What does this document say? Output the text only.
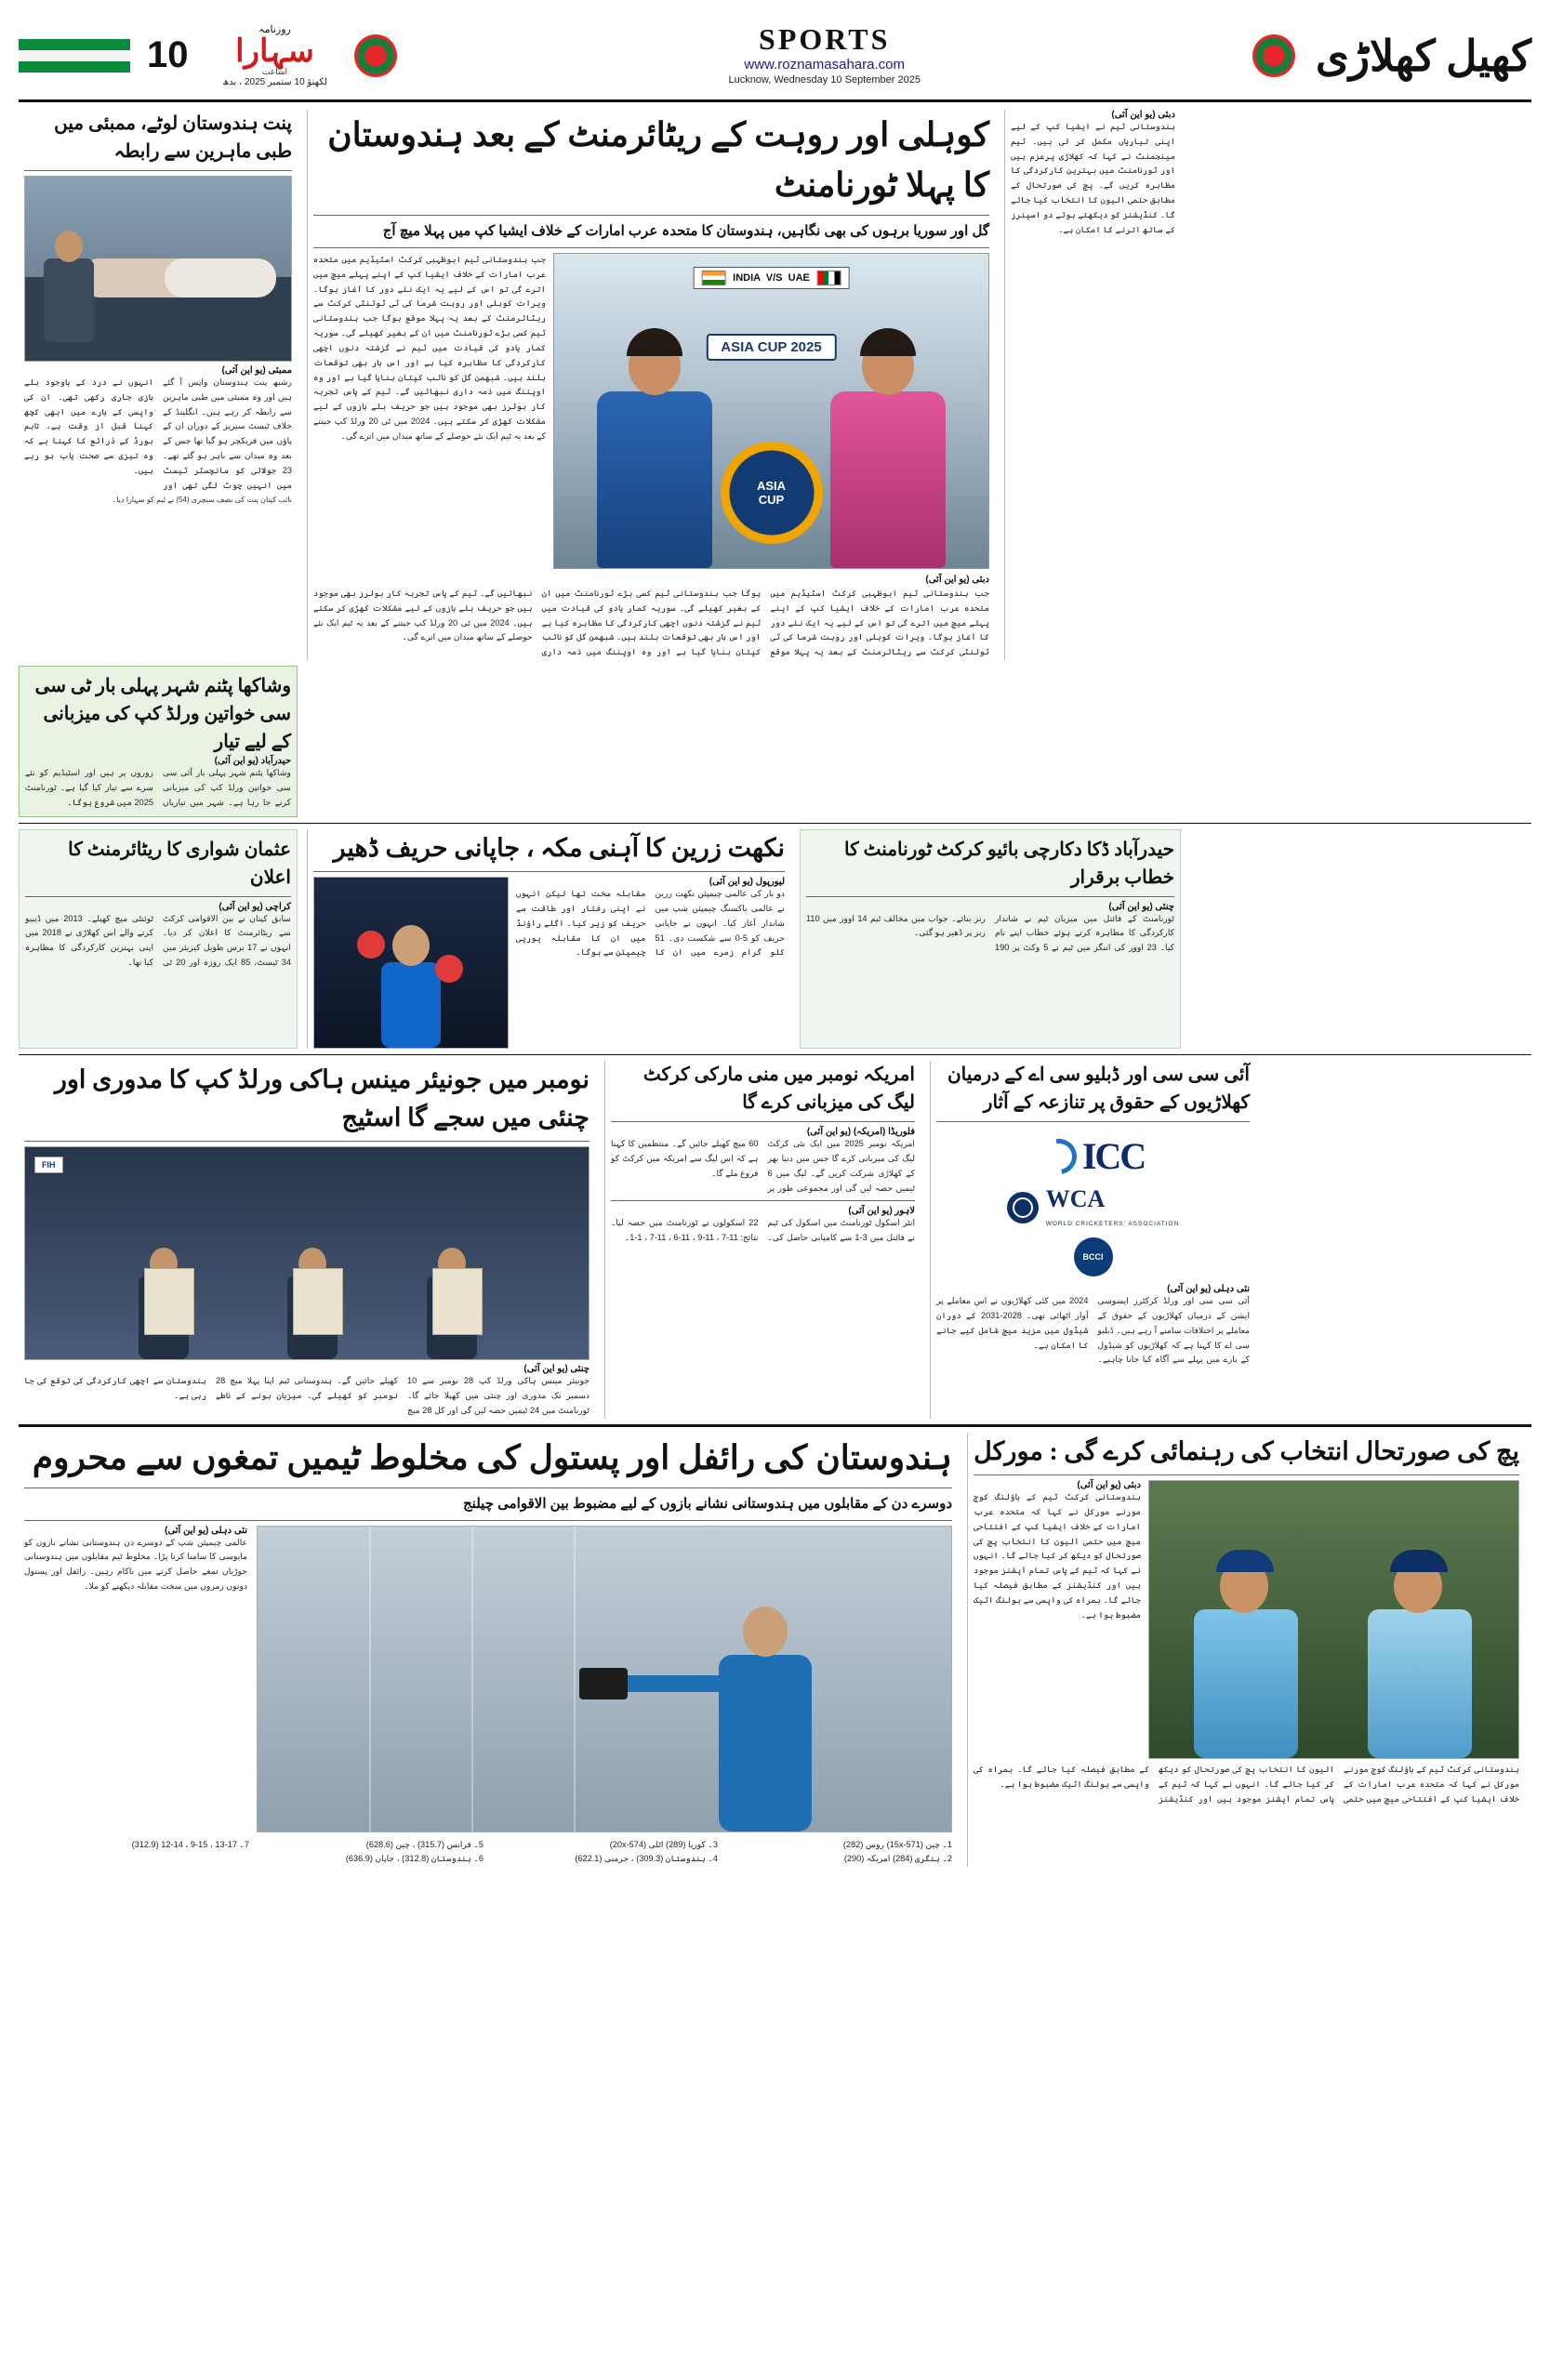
10
روزنامہ
سہارا
اشاعت
لکھنؤ 10 ستمبر 2025 ، بدھ
SPORTS
www.roznamasahara.com
Lucknow, Wednesday 10 September 2025
کھیل کھلاڑی
پنت ہندوستان لوٹے، ممبئی میں طبی ماہرین سے رابطہ
ممبئی (یو این آئی)
رشبھ پنت ہندوستان واپس آ گئے ہیں اور وہ ممبئی میں طبی ماہرین سے رابطہ کر رہے ہیں۔ انگلینڈ کے خلاف ٹیسٹ سیریز کے دوران ان کے پاؤں میں فریکچر ہو گیا تھا جس کے بعد وہ میدان سے باہر ہو گئے تھے۔ 23 جولائی کو مانچسٹر ٹیسٹ میں انہیں چوٹ لگی تھی اور انہوں نے درد کے باوجود بلے بازی جاری رکھی تھی۔ ان کی واپسی کے بارے میں ابھی کچھ کہنا قبل از وقت ہے، تاہم بورڈ کے ذرائع کا کہنا ہے کہ وہ تیزی سے صحت یاب ہو رہے ہیں۔
نائب کپتان پنت کی نصف سنچری (54) نے ٹیم کو سہارا دیا۔
کوہلی اور روہت کے ریٹائرمنٹ کے بعد ہندوستان کا پہلا ٹورنامنٹ
گل اور سوریا برہوں کی بھی نگاہیں، ہندوستان کا متحدہ عرب امارات کے خلاف ایشیا کپ میں پہلا میچ آج
جب ہندوستانی ٹیم ابوظہبی کرکٹ اسٹیڈیم میں متحدہ عرب امارات کے خلاف ایشیا کپ کے اپنے پہلے میچ میں اترے گی تو اس کے لیے یہ ایک نئے دور کا آغاز ہوگا۔ ویرات کوہلی اور روہت شرما کی ٹی ٹوئنٹی کرکٹ سے ریٹائرمنٹ کے بعد یہ پہلا موقع ہوگا جب ہندوستانی ٹیم کسی بڑے ٹورنامنٹ میں ان کے بغیر کھیلے گی۔ سوریہ کمار یادو کی قیادت میں ٹیم نے گزشتہ دنوں اچھی کارکردگی کا مظاہرہ کیا ہے اور اس بار بھی توقعات بلند ہیں۔ شبھمن گل کو نائب کپتان بنایا گیا ہے اور وہ اوپننگ میں ذمہ داری نبھائیں گے۔ ٹیم کے پاس تجربہ کار بولرز بھی موجود ہیں جو حریف بلے بازوں کے لیے مشکلات کھڑی کر سکتے ہیں۔ 2024 میں ٹی 20 ورلڈ کپ جیتنے کے بعد یہ ٹیم ایک نئے حوصلے کے ساتھ میدان میں اترے گی۔
INDIA  V/S  UAE
ASIA CUP 2025
ASIA
CUP
دبئی (یو این آئی)
جب ہندوستانی ٹیم ابوظہبی کرکٹ اسٹیڈیم میں متحدہ عرب امارات کے خلاف ایشیا کپ کے اپنے پہلے میچ میں اترے گی تو اس کے لیے یہ ایک نئے دور کا آغاز ہوگا۔ ویرات کوہلی اور روہت شرما کی ٹی ٹوئنٹی کرکٹ سے ریٹائرمنٹ کے بعد یہ پہلا موقع ہوگا جب ہندوستانی ٹیم کسی بڑے ٹورنامنٹ میں ان کے بغیر کھیلے گی۔ سوریہ کمار یادو کی قیادت میں ٹیم نے گزشتہ دنوں اچھی کارکردگی کا مظاہرہ کیا ہے اور اس بار بھی توقعات بلند ہیں۔ شبھمن گل کو نائب کپتان بنایا گیا ہے اور وہ اوپننگ میں ذمہ داری نبھائیں گے۔ ٹیم کے پاس تجربہ کار بولرز بھی موجود ہیں جو حریف بلے بازوں کے لیے مشکلات کھڑی کر سکتے ہیں۔ 2024 میں ٹی 20 ورلڈ کپ جیتنے کے بعد یہ ٹیم ایک نئے حوصلے کے ساتھ میدان میں اترے گی۔
دبئی (یو این آئی)
ہندوستانی ٹیم نے ایشیا کپ کے لیے اپنی تیاریاں مکمل کر لی ہیں۔ ٹیم مینجمنٹ نے کہا کہ کھلاڑی پرعزم ہیں اور ٹورنامنٹ میں بہترین کارکردگی کا مظاہرہ کریں گے۔ پچ کی صورتحال کے مطابق حتمی الیون کا انتخاب کیا جائے گا۔ کنڈیشنز کو دیکھتے ہوئے دو اسپنرز کے ساتھ اترنے کا امکان ہے۔
وشاکھا پٹنم شہر پہلی بار ٹی سی سی خواتین ورلڈ کپ کی میزبانی کے لیے تیار
حیدرآباد (یو این آئی)
وشاکھا پٹنم شہر پہلی بار آئی سی سی خواتین ورلڈ کپ کی میزبانی کرنے جا رہا ہے۔ شہر میں تیاریاں زوروں پر ہیں اور اسٹیڈیم کو نئے سرے سے تیار کیا گیا ہے۔ ٹورنامنٹ 2025 میں شروع ہوگا۔
عثمان شواری کا ریٹائرمنٹ کا اعلان
کراچی (یو این آئی)
سابق کپتان نے بین الاقوامی کرکٹ سے ریٹائرمنٹ کا اعلان کر دیا۔ انہوں نے 17 برس طویل کیریئر میں 34 ٹیسٹ، 85 ایک روزہ اور 20 ٹی ٹوئنٹی میچ کھیلے۔ 2013 میں ڈیبیو کرنے والے اس کھلاڑی نے 2018 میں اپنی بہترین کارکردگی کا مظاہرہ کیا تھا۔
نکھت زرین کا آہنی مکہ ، جاپانی حریف ڈھیر
لیورپول (یو این آئی)
دو بار کی عالمی چیمپئن نکھت زرین نے عالمی باکسنگ چیمپئن شپ میں شاندار آغاز کیا۔ انہوں نے جاپانی حریف کو 5-0 سے شکست دی۔ 51 کلو گرام زمرے میں ان کا مقابلہ سخت تھا لیکن انہوں نے اپنی رفتار اور طاقت سے حریف کو زیر کیا۔ اگلے راؤنڈ میں ان کا مقابلہ یورپی چیمپئن سے ہوگا۔
حیدرآباد ڈکا دکارچی بائیو کرکٹ ٹورنامنٹ کا خطاب برقرار
چنئی (یو این آئی)
ٹورنامنٹ کے فائنل میں میزبان ٹیم نے شاندار کارکردگی کا مظاہرہ کرتے ہوئے خطاب اپنے نام کیا۔ 23 اوور کی اننگز میں ٹیم نے 5 وکٹ پر 190 رنز بنائے۔ جواب میں مخالف ٹیم 14 اوور میں 110 رنز پر ڈھیر ہو گئی۔
نومبر میں جونیئر مینس ہاکی ورلڈ کپ کا مدوری اور چنئی میں سجے گا اسٹیج
FIH
چنئی (یو این آئی)
جونیئر مینس ہاکی ورلڈ کپ 28 نومبر سے 10 دسمبر تک مدوری اور چنئی میں کھیلا جائے گا۔ ٹورنامنٹ میں 24 ٹیمیں حصہ لیں گی اور کل 28 میچ کھیلے جائیں گے۔ ہندوستانی ٹیم اپنا پہلا میچ 28 نومبر کو کھیلے گی۔ میزبان ہونے کے ناطے ہندوستان سے اچھی کارکردگی کی توقع کی جا رہی ہے۔
امریکہ نومبر میں منی مارکی کرکٹ لیگ کی میزبانی کرے گا
فلوریڈا (امریکہ) (یو این آئی)
امریکہ نومبر 2025 میں ایک نئی کرکٹ لیگ کی میزبانی کرے گا جس میں دنیا بھر کے کھلاڑی شرکت کریں گے۔ لیگ میں 6 ٹیمیں حصہ لیں گی اور مجموعی طور پر 60 میچ کھیلے جائیں گے۔ منتظمین کا کہنا ہے کہ اس لیگ سے امریکہ میں کرکٹ کو فروغ ملے گا۔
لاہور (یو این آئی)
انٹر اسکول ٹورنامنٹ میں اسکول کی ٹیم نے فائنل میں 3-1 سے کامیابی حاصل کی۔ 22 اسکولوں نے ٹورنامنٹ میں حصہ لیا۔ نتائج: 11-7 ، 11-9 ، 11-6 ، 11-7 ، 1-1۔
آئی سی سی اور ڈبلیو سی اے کے درمیان کھلاڑیوں کے حقوق پر تنازعہ کے آثار
ICC
WCA
WORLD CRICKETERS' ASSOCIATION
BCCI
نئی دہلی (یو این آئی)
آئی سی سی اور ورلڈ کرکٹرز ایسوسی ایشن کے درمیان کھلاڑیوں کے حقوق کے معاملے پر اختلافات سامنے آ رہے ہیں۔ ڈبلیو سی اے کا کہنا ہے کہ کھلاڑیوں کو شیڈول کے بارے میں پہلے سے آگاہ کیا جانا چاہیے۔ 2024 میں کئی کھلاڑیوں نے اس معاملے پر آواز اٹھائی تھی۔ 2028-2031 کے دوران شیڈول میں مزید میچ شامل کیے جانے کا امکان ہے۔
ہندوستان کی رائفل اور پستول کی مخلوط ٹیمیں تمغوں سے محروم
دوسرے دن کے مقابلوں میں ہندوستانی نشانے بازوں کے لیے مضبوط بین الاقوامی چیلنج
نئی دہلی (یو این آئی)
عالمی چیمپئن شپ کے دوسرے دن ہندوستانی نشانے بازوں کو مایوسی کا سامنا کرنا پڑا۔ مخلوط ٹیم مقابلوں میں ہندوستانی جوڑیاں تمغے حاصل کرنے میں ناکام رہیں۔ رائفل اور پستول دونوں زمروں میں سخت مقابلہ دیکھنے کو ملا۔
1۔ چین (571-15x) روس (282)
2۔ ہنگری (284) امریکہ (290)
3۔ کوریا (289) اٹلی (574-20x)
4۔ ہندوستان (309.3) ، جرمنی (622.1)
5۔ فرانس (315.7) ، چین (628.6)
6۔ ہندوستان (312.8) ، جاپان (636.9)
7۔ 17-13 ، 15-9 ، 14-12 (312.9)
پچ کی صورتحال انتخاب کی رہنمائی کرے گی : مورکل
دبئی (یو این آئی)
ہندوستانی کرکٹ ٹیم کے باؤلنگ کوچ مورنے مورکل نے کہا کہ متحدہ عرب امارات کے خلاف ایشیا کپ کے افتتاحی میچ میں حتمی الیون کا انتخاب پچ کی صورتحال کو دیکھ کر کیا جائے گا۔ انہوں نے کہا کہ ٹیم کے پاس تمام آپشنز موجود ہیں اور کنڈیشنز کے مطابق فیصلہ کیا جائے گا۔ بمراہ کی واپسی سے بولنگ اٹیک مضبوط ہوا ہے۔
ہندوستانی کرکٹ ٹیم کے باؤلنگ کوچ مورنے مورکل نے کہا کہ متحدہ عرب امارات کے خلاف ایشیا کپ کے افتتاحی میچ میں حتمی الیون کا انتخاب پچ کی صورتحال کو دیکھ کر کیا جائے گا۔ انہوں نے کہا کہ ٹیم کے پاس تمام آپشنز موجود ہیں اور کنڈیشنز کے مطابق فیصلہ کیا جائے گا۔ بمراہ کی واپسی سے بولنگ اٹیک مضبوط ہوا ہے۔
